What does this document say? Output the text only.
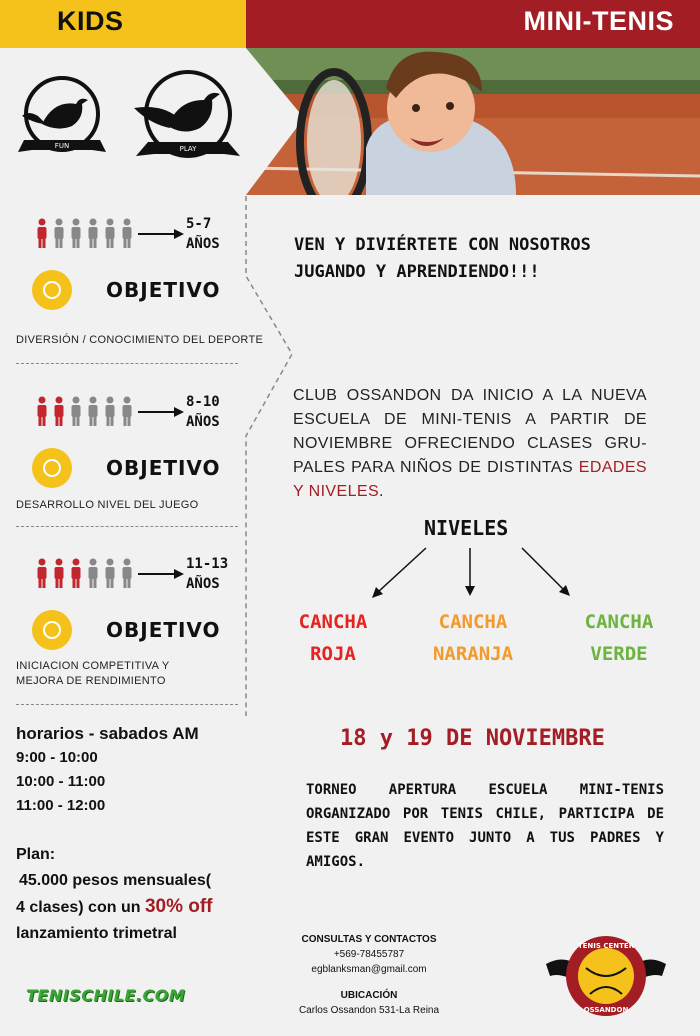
KIDS	MINI-TENIS
FUN	PLAY
5-7
AÑOS
OBJETIVO
DIVERSIÓN / CONOCIMIENTO DEL DEPORTE
8-10
AÑOS
OBJETIVO
DESARROLLO NIVEL DEL JUEGO
11-13
AÑOS
OBJETIVO
INICIACION COMPETITIVA Y
MEJORA DE RENDIMIENTO
horarios - sabados AM
9:00 - 10:00
10:00 - 11:00
11:00 - 12:00
Plan:
45.000 pesos mensuales(
4 clases) con un 30% off
lanzamiento trimetral
TENISCHILE.COM
VEN Y DIVIÉRTETE CON NOSOTROS
JUGANDO Y APRENDIENDO!!!
CLUB OSSANDON DA INICIO A LA NUEVA ESCUELA DE MINI-TENIS A PARTIR DE NOVIEMBRE OFRECIENDO CLASES GRU-PALES PARA NIÑOS DE DISTINTAS EDADES Y NIVELES.
NIVELES
CANCHA
ROJA
CANCHA
NARANJA
CANCHA
VERDE
18 y 19 DE NOVIEMBRE
TORNEO APERTURA ESCUELA MINI-TENIS ORGANIZADO POR TENIS CHILE, PARTICIPA DE ESTE GRAN EVENTO JUNTO A TUS PADRES Y AMIGOS.
CONSULTAS Y CONTACTOS
+569-78455787
egblanksman@gmail.com
UBICACIÓN
Carlos Ossandon 531-La Reina
TENIS CENTER
OSSANDON
